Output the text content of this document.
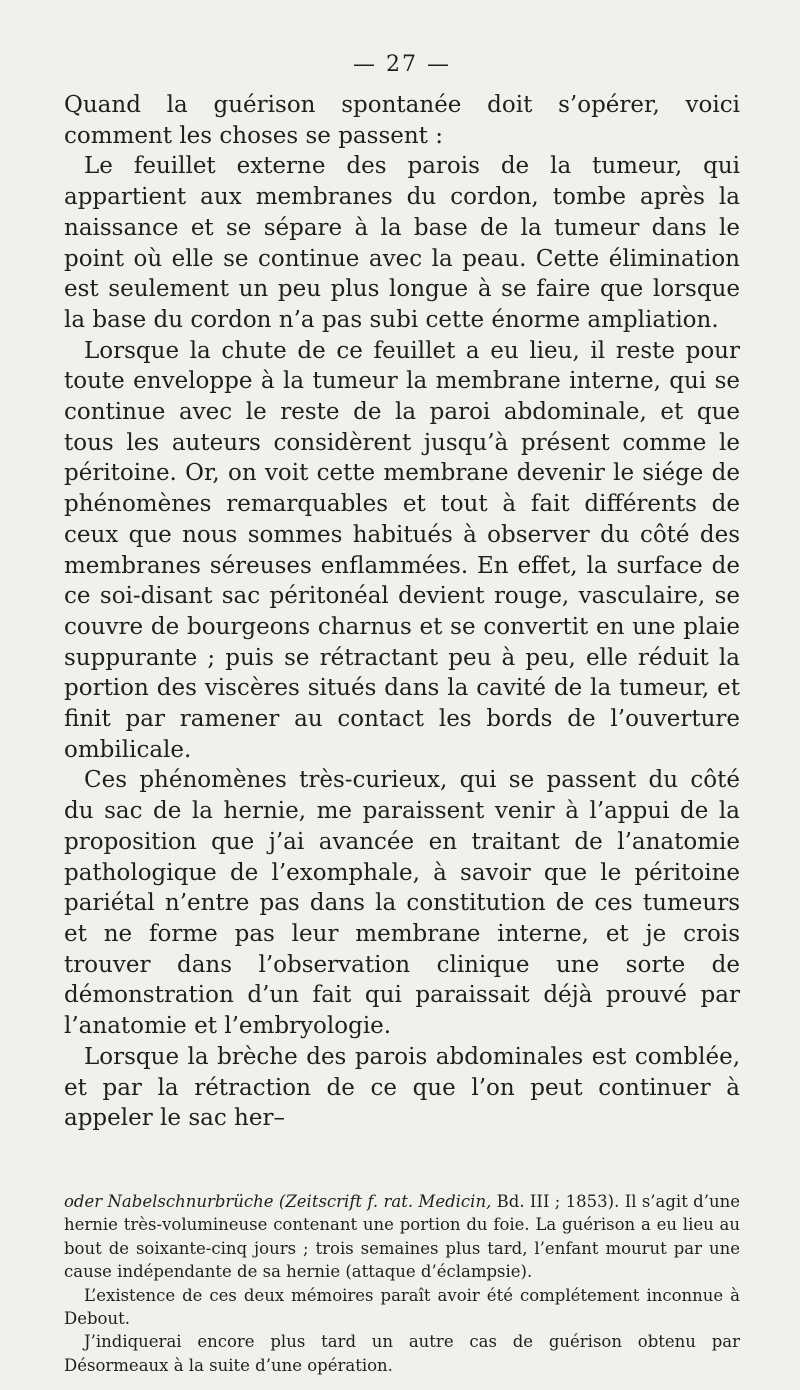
— 27 —

Quand la guérison spontanée doit s’opérer, voici comment les choses se passent :

Le feuillet externe des parois de la tumeur, qui appartient aux membranes du cordon, tombe après la naissance et se sépare à la base de la tumeur dans le point où elle se continue avec la peau. Cette élimination est seulement un peu plus longue à se faire que lorsque la base du cordon n’a pas subi cette énorme ampliation.

Lorsque la chute de ce feuillet a eu lieu, il reste pour toute enveloppe à la tumeur la membrane interne, qui se continue avec le reste de la paroi abdominale, et que tous les auteurs considèrent jusqu’à présent comme le péritoine. Or, on voit cette membrane devenir le siége de phénomènes remarquables et tout à fait différents de ceux que nous sommes habitués à observer du côté des membranes séreuses enflammées. En effet, la surface de ce soi-disant sac péritonéal devient rouge, vasculaire, se couvre de bourgeons charnus et se convertit en une plaie suppurante ; puis se rétractant peu à peu, elle réduit la portion des viscères situés dans la cavité de la tumeur, et finit par ramener au contact les bords de l’ouverture ombilicale.

Ces phénomènes très-curieux, qui se passent du côté du sac de la hernie, me paraissent venir à l’appui de la proposition que j’ai avancée en traitant de l’anatomie pathologique de l’exomphale, à savoir que le péritoine pariétal n’entre pas dans la constitution de ces tumeurs et ne forme pas leur membrane interne, et je crois trouver dans l’observation clinique une sorte de démonstration d’un fait qui paraissait déjà prouvé par l’anatomie et l’embryologie.

Lorsque la brèche des parois abdominales est comblée, et par la rétraction de ce que l’on peut continuer à appeler le sac her–

oder Nabelschnurbrüche (Zeitscrift f. rat. Medicin, Bd. III ; 1853). Il s’agit d’une hernie très-volumineuse contenant une portion du foie. La guérison a eu lieu au bout de soixante-cinq jours ; trois semaines plus tard, l’enfant mourut par une cause indépendante de sa hernie (attaque d’éclampsie).

L’existence de ces deux mémoires paraît avoir été complétement inconnue à Debout.

J’indiquerai encore plus tard un autre cas de guérison obtenu par Désormeaux à la suite d’une opération.
